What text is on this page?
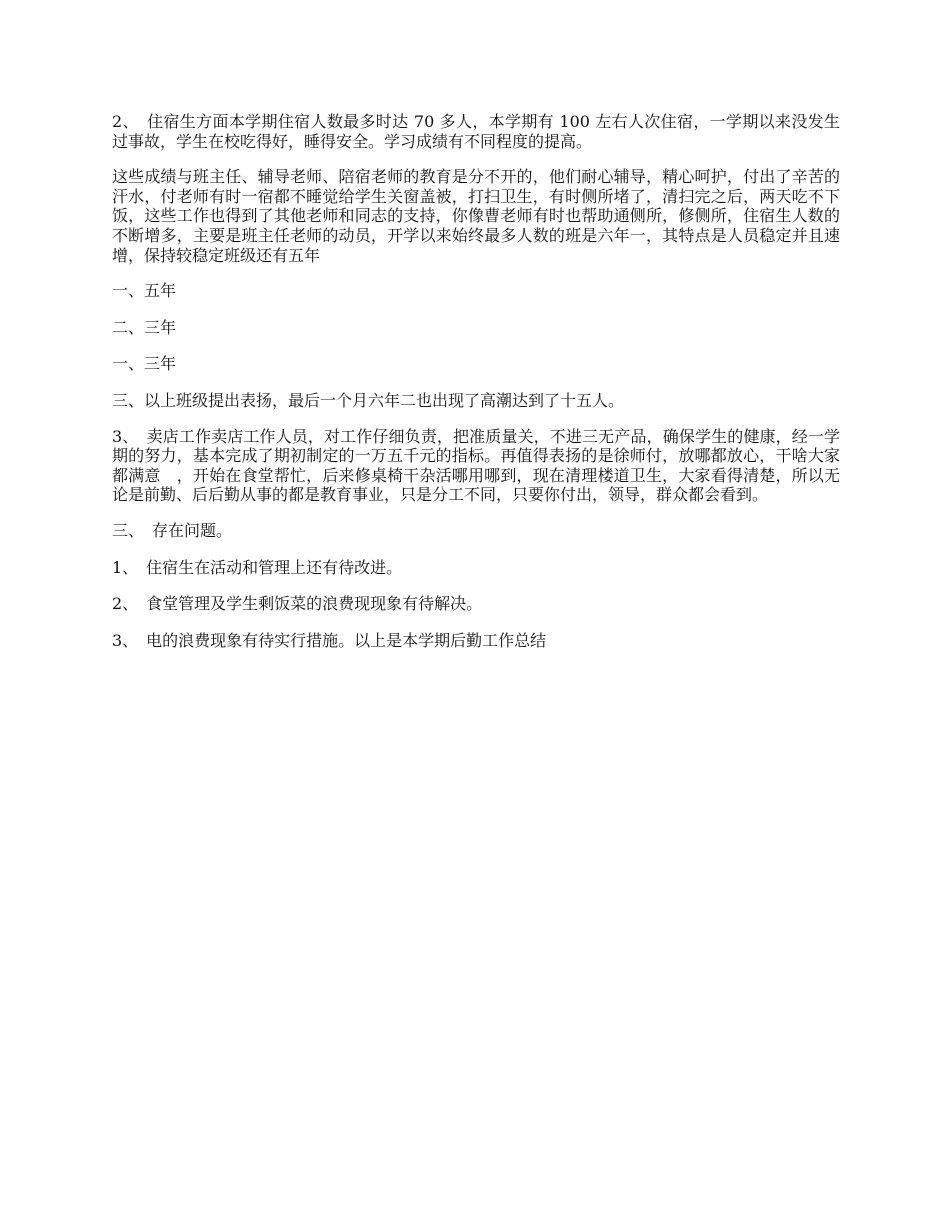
2、　住宿生方面本学期住宿人数最多时达 70 多人，本学期有 100 左右人次住宿，一学期以来没发生过事故，学生在校吃得好，睡得安全。学习成绩有不同程度的提高。

这些成绩与班主任、辅导老师、陪宿老师的教育是分不开的，他们耐心辅导，精心呵护，付出了辛苦的汗水，付老师有时一宿都不睡觉给学生关窗盖被，打扫卫生，有时侧所堵了，清扫完之后，两天吃不下饭，这些工作也得到了其他老师和同志的支持，你像曹老师有时也帮助通侧所，修侧所，住宿生人数的不断增多，主要是班主任老师的动员，开学以来始终最多人数的班是六年一，其特点是人员稳定并且速增，保持较稳定班级还有五年

一、五年

二、三年

一、三年

三、以上班级提出表扬，最后一个月六年二也出现了高潮达到了十五人。

3、　卖店工作卖店工作人员，对工作仔细负责，把准质量关，不进三无产品，确保学生的健康，经一学期的努力，基本完成了期初制定的一万五千元的指标。再值得表扬的是徐师付，放哪都放心，干啥大家都满意　，开始在食堂帮忙，后来修桌椅干杂活哪用哪到，现在清理楼道卫生，大家看得清楚，所以无论是前勤、后后勤从事的都是教育事业，只是分工不同，只要你付出，领导，群众都会看到。

三、　存在问题。

1、　住宿生在活动和管理上还有待改进。

2、　食堂管理及学生剩饭菜的浪费现现象有待解决。

3、　电的浪费现象有待实行措施。以上是本学期后勤工作总结
